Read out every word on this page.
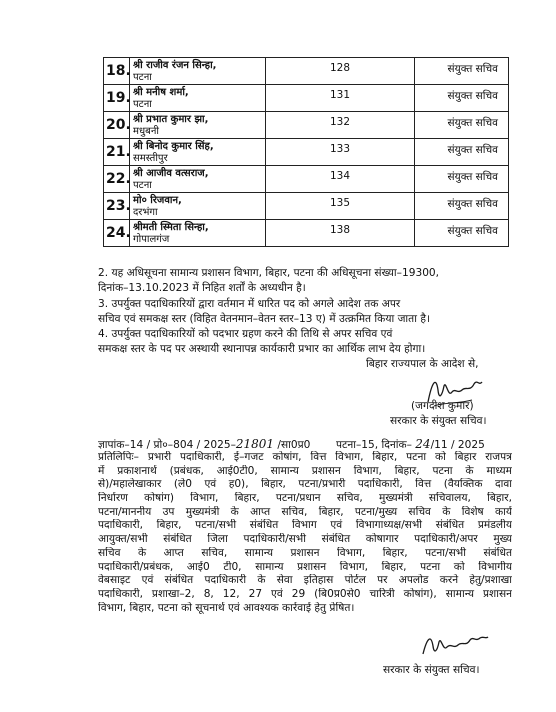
18.	श्री राजीव रंजन सिन्हा,
पटना	128	संयुक्त सचिव
19.	श्री मनीष शर्मा,
पटना	131	संयुक्त सचिव
20.	श्री प्रभात कुमार झा,
मधुबनी	132	संयुक्त सचिव
21.	श्री बिनोद कुमार सिंह,
समस्तीपुर	133	संयुक्त सचिव
22.	श्री आजीव वत्सराज,
पटना	134	संयुक्त सचिव
23.	मो० रिजवान,
दरभंगा	135	संयुक्त सचिव
24.	श्रीमती स्मिता सिन्हा,
गोपालगंज	138	संयुक्त सचिव

2. यह अधिसूचना सामान्य प्रशासन विभाग, बिहार, पटना की अधिसूचना संख्या–19300,

दिनांक–13.10.2023 में निहित शर्तों के अध्यधीन है।

3. उपर्युक्त पदाधिकारियों द्वारा वर्तमान में धारित पद को अगले आदेश तक अपर

सचिव एवं समकक्ष स्तर (विहित वेतनमान–वेतन स्तर–13 ए) में उत्क्रमित किया जाता है।

4. उपर्युक्त पदाधिकारियों को पदभार ग्रहण करने की तिथि से अपर सचिव एवं

समकक्ष स्तर के पद पर अस्थायी स्थानापन्न कार्यकारी प्रभार का आर्थिक लाभ देय होगा।

बिहार राज्यपाल के आदेश से,
(जगदीश कुमार)
सरकार के संयुक्त सचिव।
ज्ञापांक–14 / प्रो०–804 / 2025–21801 /सा0प्र0 पटना–15, दिनांक– 24/11 / 2025
प्रतिलिपिः– प्रभारी पदाधिकारी, ई–गजट कोषांग, वित्त विभाग, बिहार, पटना को बिहार राजपत्र
में प्रकाशनार्थ (प्रबंधक, आई0टी0, सामान्य प्रशासन विभाग, बिहार, पटना के माध्यम
से)/महालेखाकार (ले0 एवं ह0), बिहार, पटना/प्रभारी पदाधिकारी, वित्त (वैयक्तिक दावा
निर्धारण कोषांग) विभाग, बिहार, पटना/प्रधान सचिव, मुख्यमंत्री सचिवालय, बिहार,
पटना/माननीय उप मुख्यमंत्री के आप्त सचिव, बिहार, पटना/मुख्य सचिव के विशेष कार्य
पदाधिकारी, बिहार, पटना/सभी संबंधित विभाग एवं विभागाध्यक्ष/सभी संबंधित प्रमंडलीय
आयुक्त/सभी संबंधित जिला पदाधिकारी/सभी संबंधित कोषागार पदाधिकारी/अपर मुख्य
सचिव के आप्त सचिव, सामान्य प्रशासन विभाग, बिहार, पटना/सभी संबंधित
पदाधिकारी/प्रबंधक, आई0 टी0, सामान्य प्रशासन विभाग, बिहार, पटना को विभागीय
वेबसाइट एवं संबंधित पदाधिकारी के सेवा इतिहास पोर्टल पर अपलोड करने हेतु/प्रशाखा
पदाधिकारी, प्रशाखा–2, 8, 12, 27 एवं 29 (बि0प्र0से0 चारित्री कोषांग), सामान्य प्रशासन
विभाग, बिहार, पटना को सूचनार्थ एवं आवश्यक कार्रवाई हेतु प्रेषित।
सरकार के संयुक्त सचिव।
